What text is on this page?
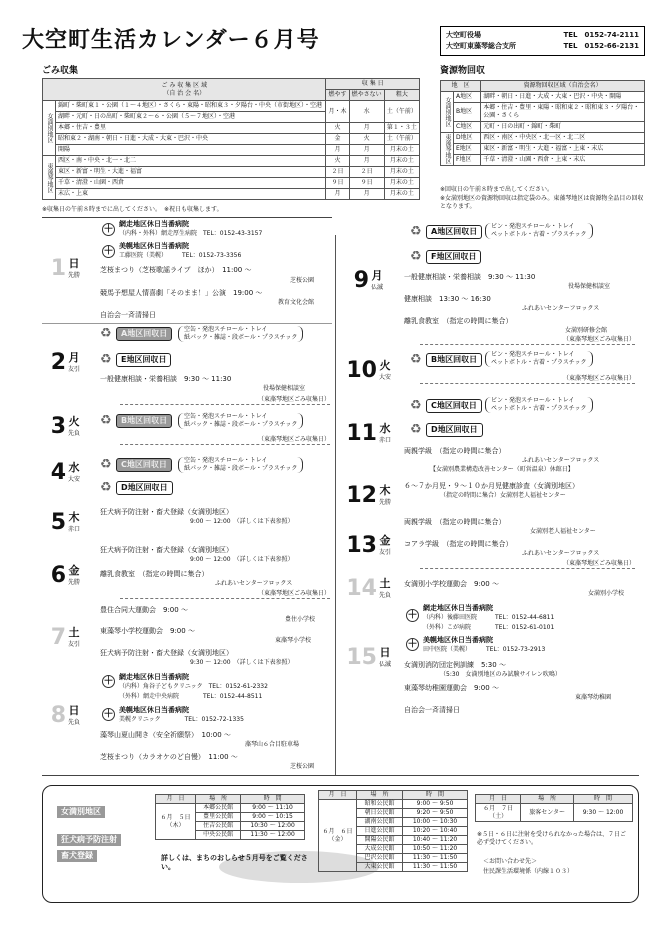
大空町生活カレンダー６月号	大空町役場	TEL　0152-74-2111
大空町東藻琴総合支所	TEL　0152-66-2131
ごみ収集
ご み 収 集 区 域
（自 治 会 名）		収 集 日		
		燃やす	燃やさない	粗大
女満別地区	錦町・柴町東１・公園（１～４地区）・さくら・東陽・昭和東３・夕陽台・中央（市街地区）・空港	月・木	水	土（午前）
	湖畔・元町・日の出町・柴町東２～６・公園（５～７地区）・空港			
	本郷・住吉・豊里	火	月	第１・３土
	昭和東２・湖南・朝日・日進・大成・大東・巴沢・中央	金	火	土（午前）
	開陽	月	月	月末の土
東藻琴地区	西区・南・中央・北一・北二	火	月	月末の土
	東区・新富・明生・大進・福富	２日	２日	月末の土
	千草・清澄・山園・西倉	９日	９日	月末の土
	末広・上東	月	月	月末の土
※収集日の午前８時までに出してください。　※祝日も収集します。
資源物回収
地　区		資源物回収区域（自治会名）
女満別地区	A地区	湖畔・朝日・日進・大成・大東・巴沢・中央・開陽
	B地区	本郷・住吉・豊里・東陽・昭和東２・昭和東３・夕陽台・公園・さくら
	C地区	元町・日の出町・錦町・柴町
東藻琴地区	D地区	西区・南区・中央区・北一区・北二区
	E地区	東区・新富・明生・大進・福富・上東・末広
	F地区	千草・清澄・山園・西倉・上東・末広
※回収日の午前８時まで出してください。
※女満別地区の資源物回収は指定袋のみ。東藻琴地区は資源物全品目の回収となります。
1 日
先勝
＋ 網走地区休日当番病院
（内科・外科）網走厚生病院　TEL：0152-43-3157
＋ 美幌地区休日当番病院
工藤医院（美幌）　　　TEL：0152-73-3356
芝桜まつり（芝桜歌謡ライブ　ほか）　11:00 ～
芝桜公園
競馬予想屋人情喜劇「そのまま！」公演　19:00 ～
教育文化会館
自治会一斉清掃日
2 月
友引
♻	A地区回収日	空缶・発泡スチロール・トレイ
紙パック・雑誌・段ボール・プラスチック
♻	E地区回収日
一般健康相談・栄養相談　9:30 ～ 11:30
役場保健相談室
（東藻琴地区ごみ収集日）
3 火
先負
♻	B地区回収日	空缶・発泡スチロール・トレイ
紙パック・雑誌・段ボール・プラスチック
（東藻琴地区ごみ収集日）
4 水
大安
♻	C地区回収日	空缶・発泡スチロール・トレイ
紙パック・雑誌・段ボール・プラスチック
♻	D地区回収日
5 木
赤口
狂犬病予防注射・畜犬登録（女満別地区）
9:00 ～ 12:00　（詳しくは下表参照）
6 金
先勝
狂犬病予防注射・畜犬登録（女満別地区）
9:00 ～ 12:00　（詳しくは下表参照）
離乳食教室　（指定の時間に集合）
ふれあいセンターフロックス
（東藻琴地区ごみ収集日）
7 土
友引
豊住合同大運動会　9:00 ～
豊住小学校
東藻琴小学校運動会　9:00 ～
東藻琴小学校
狂犬病予防注射・畜犬登録（女満別地区）
9:30 ～ 12:00　（詳しくは下表参照）
8 日
先負
＋ 網走地区休日当番病院
（内科）角谷子どもクリニック　TEL：0152-61-2332
（外科）網走中央病院　　　　TEL：0152-44-8511
＋ 美幌地区休日当番病院
美幌クリニック　　　　TEL：0152-72-1335
藻琴山夏山開き（安全祈願祭）　10:00 ～
藻琴山６合目駐車場
芝桜まつり（カラオケのど自慢）　11:00 ～
芝桜公園
9 月
仏滅
♻	A地区回収日
ビン・発泡スチロール・トレイ
ペットボトル・古着・プラスチック
♻	F地区回収日
一般健康相談・栄養相談　9:30 ～ 11:30
役場保健相談室
健康相談　13:30 ～ 16:30
ふれあいセンターフロックス
離乳食教室　（指定の時間に集合）
女満別研修会館
（東藻琴地区ごみ収集日）
10 火
大安
♻	B地区回収日
ビン・発泡スチロール・トレイ
ペットボトル・古着・プラスチック
（東藻琴地区ごみ収集日）
11 水
赤口
♻	C地区回収日
ビン・発泡スチロール・トレイ
ペットボトル・古着・プラスチック
♻	D地区回収日
両親学級　（指定の時間に集合）
ふれあいセンターフロックス
【女満別農業構造改善センター（町営温泉）休館日】
12 木
先勝
６～７か月児・９～１０か月児健康診査（女満別地区）
（指定の時間に集合）女満別老人福祉センター
13 金
友引
両親学級　（指定の時間に集合）
女満別老人福祉センター
コアラ学級　（指定の時間に集合）
ふれあいセンターフロックス
（東藻琴地区ごみ収集日）
14 土
先負
女満別小学校運動会　9:00 ～
女満別小学校
15 日
仏滅
＋
網走地区休日当番病院
（内科）後藤田医院　　　TEL：0152-44-6811
（外科）こが病院　　　　TEL：0152-61-0101
＋ 美幌地区休日当番病院
田中医院（美幌）　　　TEL：0152-73-2913
女満別消防団定例訓練　5:30 ～
（5:30　女満別地区のみ試験サイレン吹鳴）
東藻琴幼稚園運動会　9:00 ～
東藻琴幼稚園
自治会一斉清掃日
女満別地区
狂犬病予防注射
畜犬登録
月　日	場　所	時　間

６月　５日
（木）	本郷公民館	9:00 ～ 11:10
	豊里公民館	9:00 ～ 10:15
	住吉公民館	10:30 ～ 12:00
	中央公民館	11:30 ～ 12:00
詳しくは、まちのおしらせ５月号をご覧ください。
月　日	場　所	時　間

６月　６日
（金）	昭和公民館	9:00 ～ 9:50
	朝日公民館	9:20 ～ 9:50
	湖南公民館	10:00 ～ 10:30
	日進公民館	10:20 ～ 10:40
	開陽公民館	10:40 ～ 11:20
	大成公民館	10:50 ～ 11:20
	巴沢公民館	11:30 ～ 11:50
	大東公民館	11:30 ～ 11:50
月　日	場　所	時　間

６月　７日
（土）	旅客センター	9:30 ～ 12:00
※５日・６日に注射を受けられなかった場合は、７日ご必ず受けてください。
＜お問い合わせ先＞
住民課生活環境係（内線１０３）
